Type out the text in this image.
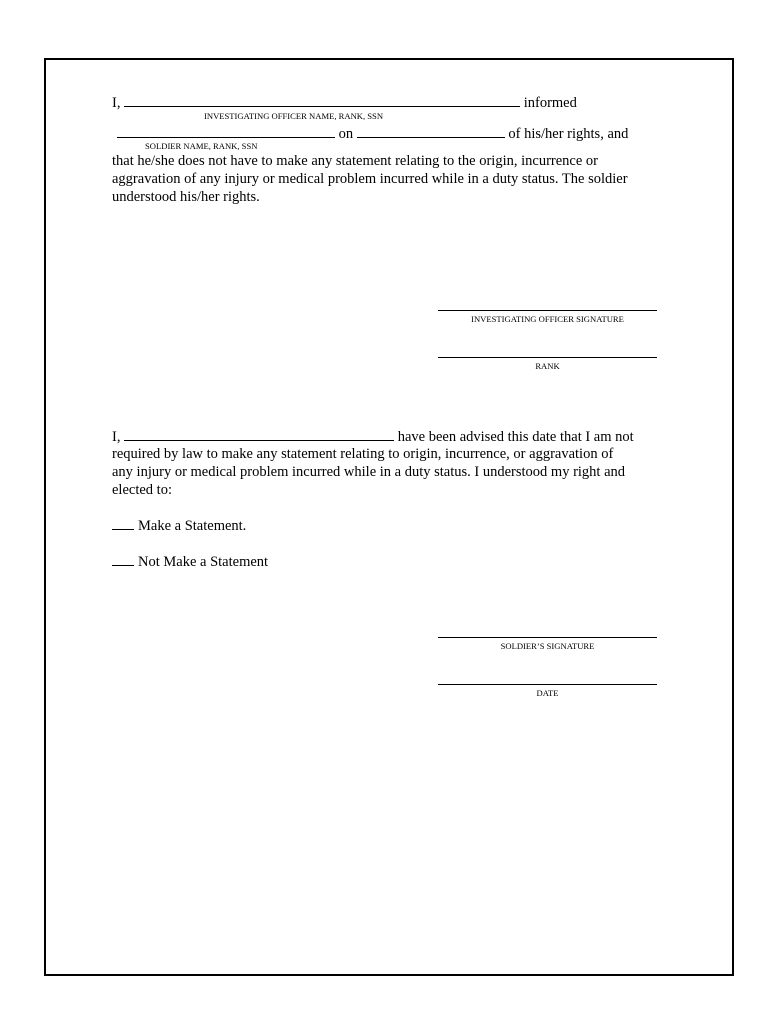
I,	informed
INVESTIGATING OFFICER NAME, RANK, SSN
on	of his/her rights, and
SOLDIER NAME, RANK, SSN
that he/she does not have to make any statement relating to the origin, incurrence or
aggravation of any injury or medical problem incurred while in a duty status. The soldier
understood his/her rights.
INVESTIGATING OFFICER SIGNATURE
RANK
I,	have been advised this date that I am not
required by law to make any statement relating to origin, incurrence, or aggravation of
any injury or medical problem incurred while in a duty status. I understood my right and
elected to:
Make a Statement.
Not Make a Statement
SOLDIER’S SIGNATURE
DATE
